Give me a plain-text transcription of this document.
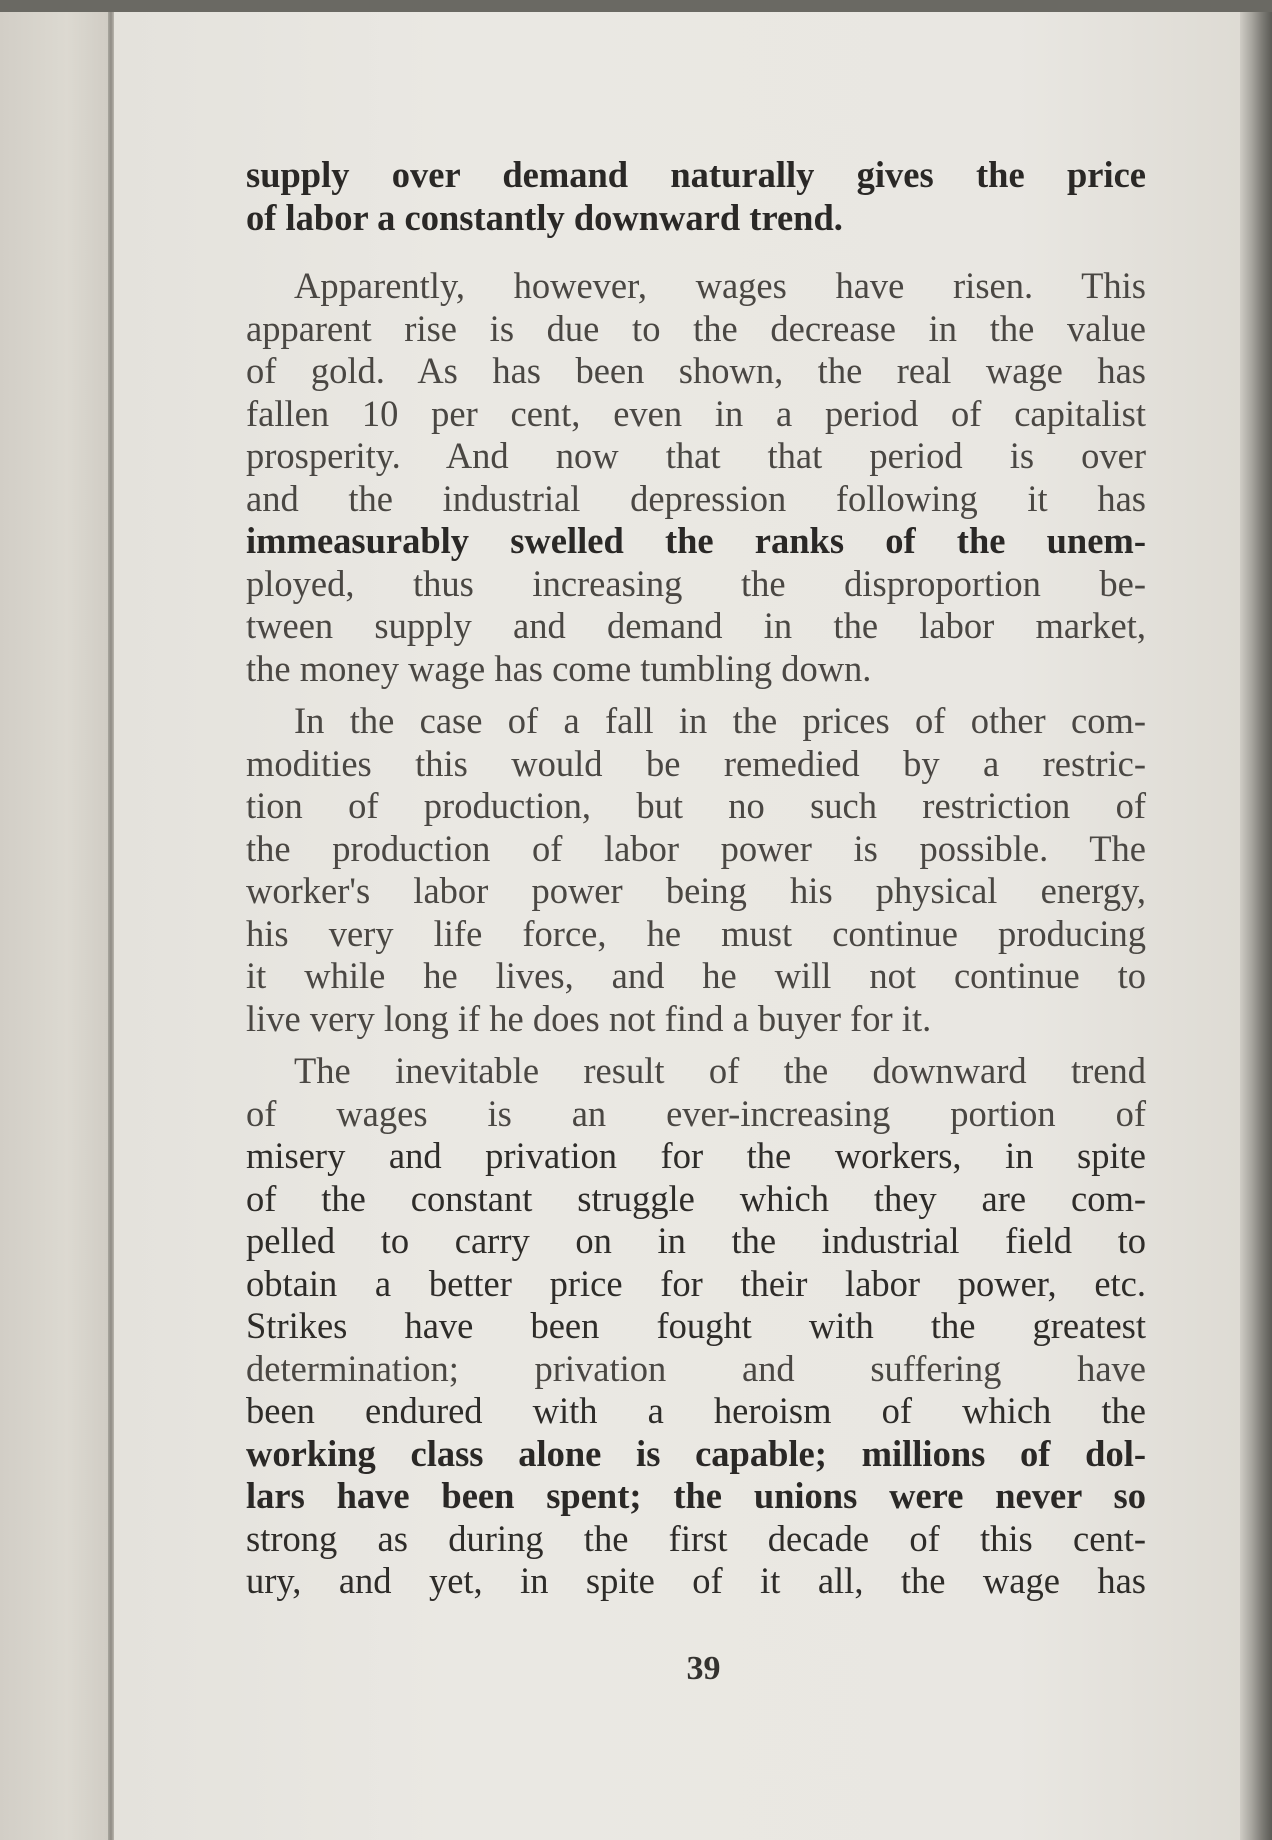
supply over demand naturally gives the price
of labor a constantly downward trend.

Apparently, however, wages have risen. This
apparent rise is due to the decrease in the value
of gold. As has been shown, the real wage has
fallen 10 per cent, even in a period of capitalist
prosperity. And now that that period is over
and the industrial depression following it has
immeasurably swelled the ranks of the unem-
ployed, thus increasing the disproportion be-
tween supply and demand in the labor market,
the money wage has come tumbling down.

In the case of a fall in the prices of other com-
modities this would be remedied by a restric-
tion of production, but no such restriction of
the production of labor power is possible. The
worker's labor power being his physical energy,
his very life force, he must continue producing
it while he lives, and he will not continue to
live very long if he does not find a buyer for it.

The inevitable result of the downward trend
of wages is an ever-increasing portion of
misery and privation for the workers, in spite
of the constant struggle which they are com-
pelled to carry on in the industrial field to
obtain a better price for their labor power, etc.
Strikes have been fought with the greatest
determination; privation and suffering have
been endured with a heroism of which the
working class alone is capable; millions of dol-
lars have been spent; the unions were never so
strong as during the first decade of this cent-
ury, and yet, in spite of it all, the wage has

39
